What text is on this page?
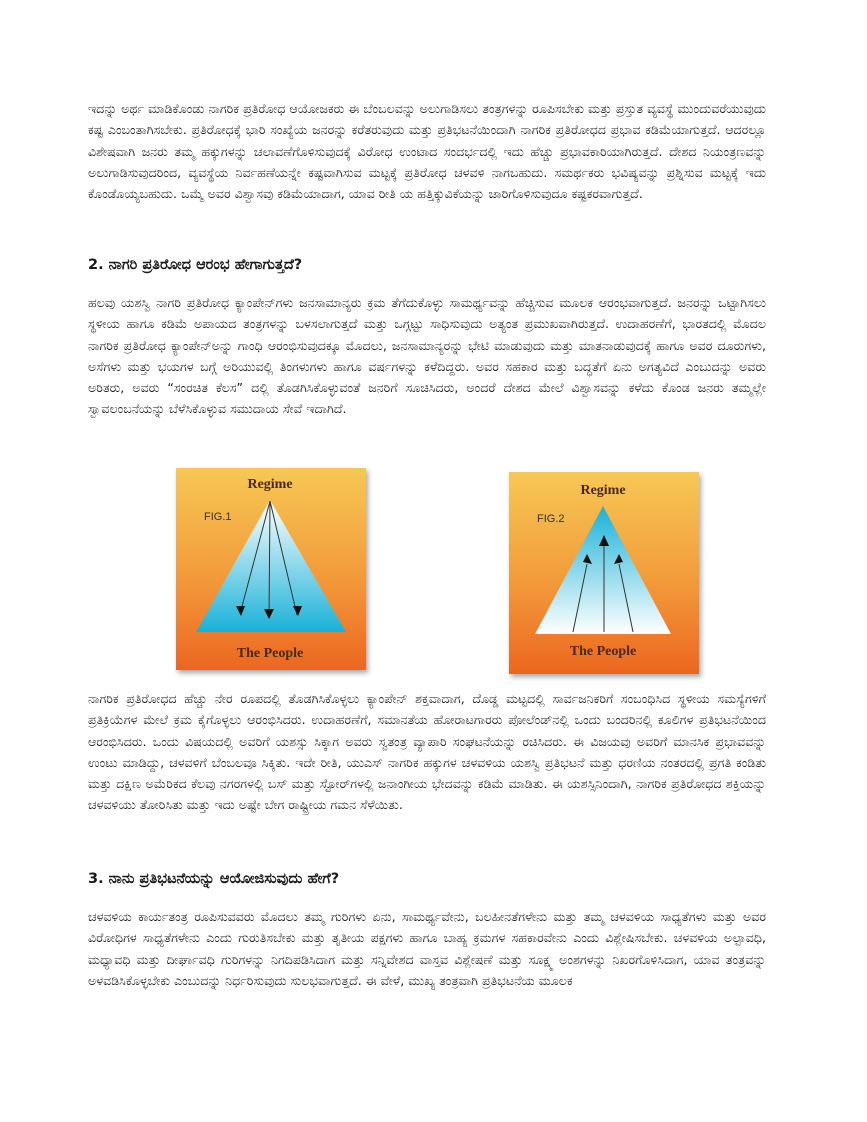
ಇದನ್ನು ಅರ್ಥ ಮಾಡಿಕೊಂಡು ನಾಗರಿಕ ಪ್ರತಿರೋಧ ಆಯೋಜಕರು ಈ ಬೆಂಬಲವನ್ನು ಅಲುಗಾಡಿಸಲು ತಂತ್ರಗಳನ್ನು ರೂಪಿಸಬೇಕು ಮತ್ತು ಪ್ರಸ್ತುತ ವ್ಯವಸ್ಥೆ ಮುಂದುವರೆಯುವುದು ಕಷ್ಟ ಎಂಬಂತಾಗಿಸಬೇಕು. ಪ್ರತಿರೋಧಕ್ಕೆ ಭಾರಿ ಸಂಖ್ಯೆಯ ಜನರನ್ನು ಕರೆತರುವುದು ಮತ್ತು ಪ್ರತಿಭಟನೆಯಿಂದಾಗಿ ನಾಗರಿಕ ಪ್ರತಿರೋಧದ ಪ್ರಭಾವ ಕಡಿಮೆಯಾಗುತ್ತದೆ. ಆದರಲ್ಲೂ ವಿಶೇಷವಾಗಿ ಜನರು ತಮ್ಮ ಹಕ್ಕುಗಳನ್ನು ಚಲಾವಣೆಗೊಳಿಸುವುದಕ್ಕೆ ವಿರೋಧ ಉಂಟಾದ ಸಂದರ್ಭದಲ್ಲಿ ಇದು ಹೆಚ್ಚು ಪ್ರಭಾವಕಾರಿಯಾಗಿರುತ್ತದೆ. ದೇಶದ ನಿಯಂತ್ರಣವನ್ನು ಅಲುಗಾಡಿಸುವುದರಿಂದ, ವ್ಯವಸ್ಥೆಯ ನಿರ್ವಹಣೆಯನ್ನೇ ಕಷ್ಟವಾಗಿಸುವ ಮಟ್ಟಕ್ಕೆ ಪ್ರತಿರೋಧ ಚಳವಳಿ ನಾಗಬಹುದು. ಸಮರ್ಥಕರು ಭವಿಷ್ಯವನ್ನು ಪ್ರಶ್ನಿಸುವ ಮಟ್ಟಕ್ಕೆ ಇದು ಕೊಂಡೊಯ್ಯಬಹುದು. ಒಮ್ಮೆ ಅವರ ವಿಶ್ವಾಸವು ಕಡಿಮೆಯಾದಾಗ, ಯಾವ ರೀತಿ ಯ ಹತ್ತಿಕ್ಕುವಿಕೆಯನ್ನು ಜಾರಿಗೊಳಿಸುವುದೂ ಕಷ್ಟಕರವಾಗುತ್ತದೆ.

2. ನಾಗರಿ ಪ್ರತಿರೋಧ ಆರಂಭ ಹೇಗಾಗುತ್ತದೆ?

ಹಲವು ಯಶಸ್ವಿ ನಾಗರಿ ಪ್ರತಿರೋಧ ಕ್ಯಾಂಪೇನ್‌ಗಳು ಜನಸಾಮಾನ್ಯರು ಕ್ರಮ ತೆಗೆದುಕೊಳ್ಳು ಸಾಮರ್ಥ್ಯವನ್ನು ಹೆಚ್ಚಿಸುವ ಮೂಲಕ ಆರಂಭವಾಗುತ್ತದೆ. ಜನರನ್ನು ಒಟ್ಟಾಗಿಸಲು ಸ್ಥಳೀಯ ಹಾಗೂ ಕಡಿಮೆ ಅಪಾಯದ ತಂತ್ರಗಳನ್ನು ಬಳಸಲಾಗುತ್ತದೆ ಮತ್ತು ಒಗ್ಗಟ್ಟು ಸಾಧಿಸುವುದು ಅತ್ಯಂತ ಪ್ರಮುಖವಾಗಿರುತ್ತದೆ. ಉದಾಹರಣೆಗೆ, ಭಾರತದಲ್ಲಿ ಮೊದಲ ನಾಗರಿಕ ಪ್ರತಿರೋಧ ಕ್ಯಾಂಪೇನ್‌ಅನ್ನು ಗಾಂಧಿ ಆರಂಭಿಸುವುದಕ್ಕೂ ಮೊದಲು, ಜನಸಾಮಾನ್ಯರನ್ನು ಭೇಟಿ ಮಾಡುವುದು ಮತ್ತು ಮಾತನಾಡುವುದಕ್ಕೆ ಹಾಗೂ ಅವರ ದೂರುಗಳು, ಅಸೆಗಳು ಮತ್ತು ಭಯಗಳ ಬಗ್ಗೆ ಅರಿಯುವಲ್ಲಿ ತಿಂಗಳುಗಳು ಹಾಗೂ ವರ್ಷಗಳನ್ನು ಕಳೆದಿದ್ದರು. ಅವರ ಸಹಕಾರ ಮತ್ತು ಬದ್ಧತೆಗೆ ಏನು ಅಗತ್ಯವಿದೆ ಎಂಬುದನ್ನು ಅವರು ಅರಿತರು, ಅವರು “ಸಂರಚಿತ ಕೆಲಸ” ದಲ್ಲಿ ತೊಡಗಿಸಿಕೊಳ್ಳುವಂತೆ ಜನರಿಗೆ ಸೂಚಿಸಿದರು, ಅಂದರೆ ದೇಶದ ಮೇಲೆ ವಿಶ್ವಾಸವನ್ನು ಕಳೆದು ಕೊಂಡ ಜನರು ತಮ್ಮಲ್ಲೇ ಸ್ವಾವಲಂಬನೆಯನ್ನು ಬೆಳೆಸಿಕೊಳ್ಳುವ ಸಮುದಾಯ ಸೇವೆ ಇದಾಗಿದೆ.

Regime
FIG.1
The People
Regime
FIG.2
The People

ನಾಗರಿಕ ಪ್ರತಿರೋಧದ ಹೆಚ್ಚು ನೇರ ರೂಪದಲ್ಲಿ ತೊಡಗಿಸಿಕೊಳ್ಳಲು ಕ್ಯಾಂಪೇನ್ ಶಕ್ತವಾದಾಗ, ದೊಡ್ಡ ಮಟ್ಟದಲ್ಲಿ ಸಾರ್ವಜನಿಕರಿಗೆ ಸಂಬಂಧಿಸಿದ ಸ್ಥಳೀಯ ಸಮಸ್ಯೆಗಳಿಗೆ ಪ್ರತಿಕ್ರಿಯೆಗಳ ಮೇಲೆ ಕ್ರಮ ಕೈಗೊಳ್ಳಲು ಆರಂಭಿಸಿದರು. ಉದಾಹರಣೆಗೆ, ಸಮಾನತೆಯ ಹೋರಾಟಗಾರರು ಪೋಲೆಂಡ್‌ನಲ್ಲಿ ಒಂದು ಬಂದರಿನಲ್ಲಿ ಕೂಲಿಗಳ ಪ್ರತಿಭಟನೆಯಿಂದ ಆರಂಭಿಸಿದರು. ಒಂದು ವಿಷಯದಲ್ಲಿ ಅವರಿಗೆ ಯಶಸ್ಸು ಸಿಕ್ಕಾಗ ಅವರು ಸ್ವತಂತ್ರ ವ್ಯಾಪಾರಿ ಸಂಘಟನೆಯನ್ನು ರಚಿಸಿದರು. ಈ ವಿಜಯವು ಅವರಿಗೆ ಮಾನಸಿಕ ಪ್ರಭಾವವನ್ನು ಉಂಟು ಮಾಡಿದ್ದು, ಚಳವಳಿಗೆ ಬೆಂಬಲವೂ ಸಿಕ್ಕಿತು. ಇದೇ ರೀತಿ, ಯುಎಸ್ ನಾಗರಿಕ ಹಕ್ಕುಗಳ ಚಳವಳಿಯ ಯಶಸ್ವಿ ಪ್ರತಿಭಟನೆ ಮತ್ತು ಧರಣಿಯ ನಂತರದಲ್ಲಿ ಪ್ರಗತಿ ಕಂಡಿತು ಮತ್ತು ದಕ್ಷಿಣ ಅಮೆರಿಕದ ಕೆಲವು ನಗರಗಳಲ್ಲಿ ಬಸ್ ಮತ್ತು ಸ್ಟೋರ್‌ಗಳಲ್ಲಿ ಜನಾಂಗೀಯ ಭೇದವನ್ನು ಕಡಿಮೆ ಮಾಡಿತು. ಈ ಯಶಸ್ಸಿನಿಂದಾಗಿ, ನಾಗರಿಕ ಪ್ರತಿರೋಧದ ಶಕ್ತಿಯನ್ನು ಚಳವಳಿಯು ತೋರಿಸಿತು ಮತ್ತು ಇದು ಅಷ್ಟೇ ಬೇಗ ರಾಷ್ಟ್ರೀಯ ಗಮನ ಸೆಳೆಯಿತು.

3. ನಾನು ಪ್ರತಿಭಟನೆಯನ್ನು ಆಯೋಜಿಸುವುದು ಹೇಗೆ?

ಚಳವಳಿಯ ಕಾರ್ಯತಂತ್ರ ರೂಪಿಸುವವರು ಮೊದಲು ತಮ್ಮ ಗುರಿಗಳು ಏನು, ಸಾಮರ್ಥ್ಯವೇನು, ಬಲಹೀನತೆಗಳೇನು ಮತ್ತು ತಮ್ಮ ಚಳವಳಿಯ ಸಾಧ್ಯತೆಗಳು ಮತ್ತು ಅವರ ವಿರೋಧಿಗಳ ಸಾಧ್ಯತೆಗಳೇನು ಎಂದು ಗುರುತಿಸಬೇಕು ಮತ್ತು ತೃತೀಯ ಪಕ್ಷಗಳು ಹಾಗೂ ಬಾಹ್ಯ ಕ್ರಮಗಳ ಸಹಕಾರವೇನು ಎಂದು ವಿಶ್ಲೇಷಿಸಬೇಕು. ಚಳವಳಿಯ ಅಲ್ಪಾವಧಿ, ಮಧ್ಯಾವಧಿ ಮತ್ತು ದೀರ್ಘಾವಧಿ ಗುರಿಗಳನ್ನು ನಿಗದಿಪಡಿಸಿದಾಗ ಮತ್ತು ಸನ್ನಿವೇಶದ ವಾಸ್ತವ ವಿಶ್ಲೇಷಣೆ ಮತ್ತು ಸೂಕ್ಷ್ಮ ಅಂಶಗಳನ್ನು ನಿಖರಗೊಳಿಸಿದಾಗ, ಯಾವ ತಂತ್ರವನ್ನು ಅಳವಡಿಸಿಕೊಳ್ಳಬೇಕು ಎಂಬುದನ್ನು ನಿರ್ಧರಿಸುವುದು ಸುಲಭವಾಗುತ್ತದೆ. ಈ ವೇಳೆ, ಮುಖ್ಯ ತಂತ್ರವಾಗಿ ಪ್ರತಿಭಟನೆಯ ಮೂಲಕ
